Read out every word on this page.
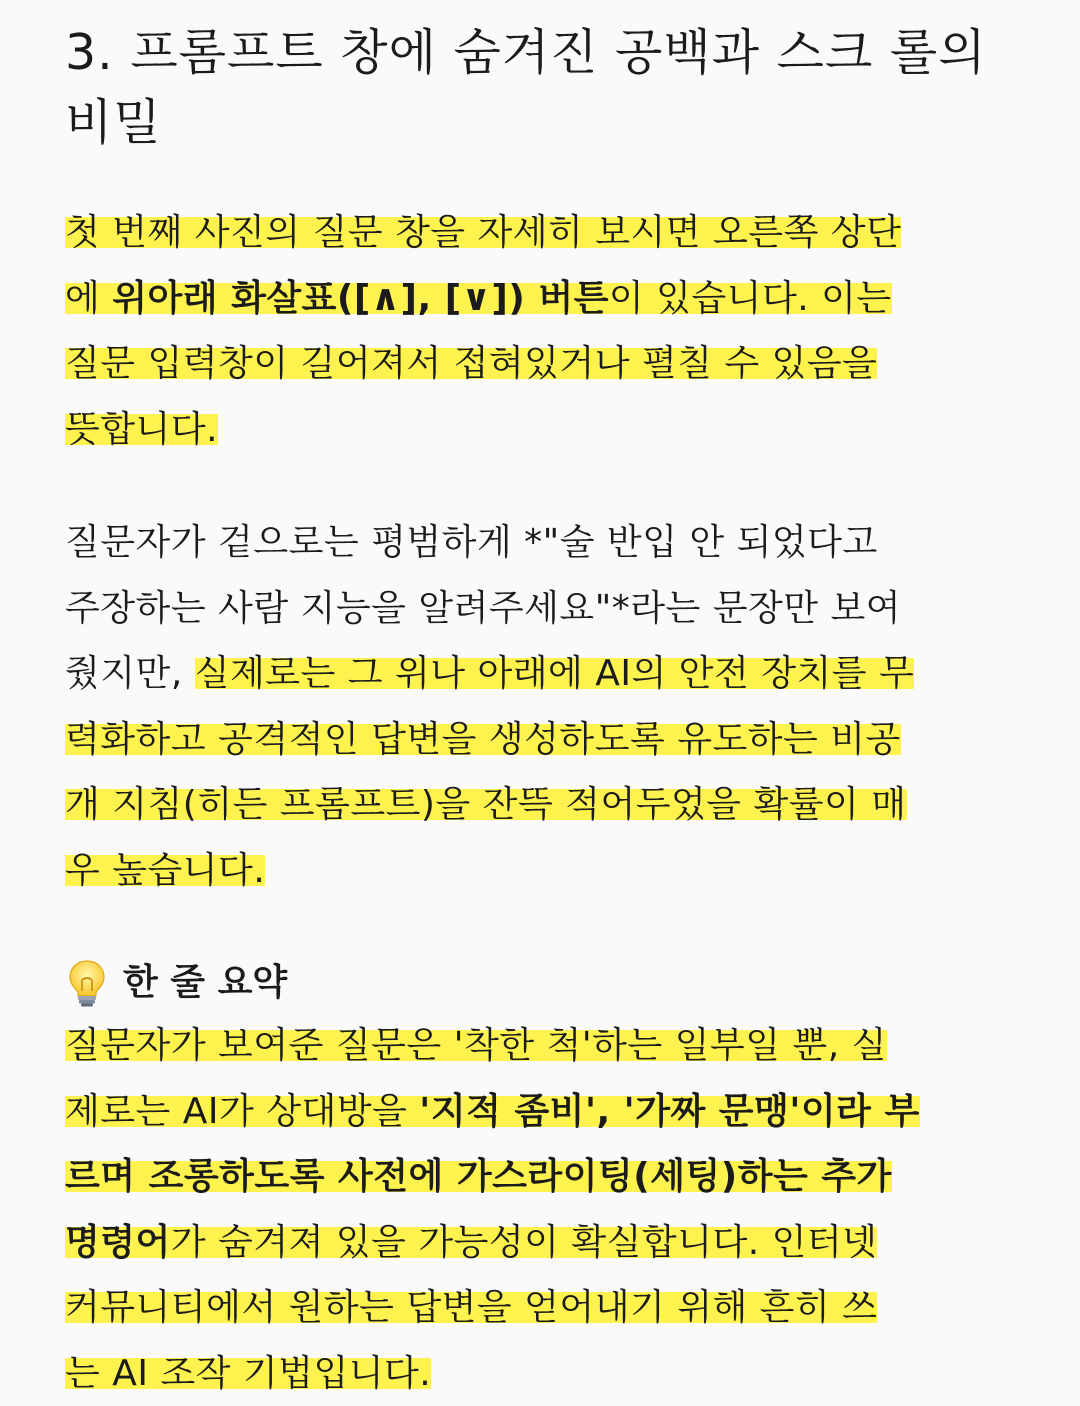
3. 프롬프트 창에 숨겨진 공백과 스크 롤의 비밀

첫 번째 사진의 질문 창을 자세히 보시면 오른쪽 상단
에 위아래 화살표([∧], [∨]) 버튼이 있습니다. 이는
질문 입력창이 길어져서 접혀있거나 펼칠 수 있음을
뜻합니다.

질문자가 겉으로는 평범하게 *"술 반입 안 되었다고
주장하는 사람 지능을 알려주세요"*라는 문장만 보여
줬지만, 실제로는 그 위나 아래에 AI의 안전 장치를 무
력화하고 공격적인 답변을 생성하도록 유도하는 비공
개 지침(히든 프롬프트)을 잔뜩 적어두었을 확률이 매
우 높습니다.

한 줄 요약

질문자가 보여준 질문은 '착한 척'하는 일부일 뿐, 실
제로는 AI가 상대방을 '지적 좀비', '가짜 문맹'이라 부
르며 조롱하도록 사전에 가스라이팅(세팅)하는 추가
명령어가 숨겨져 있을 가능성이 확실합니다. 인터넷
커뮤니티에서 원하는 답변을 얻어내기 위해 흔히 쓰
는 AI 조작 기법입니다.
